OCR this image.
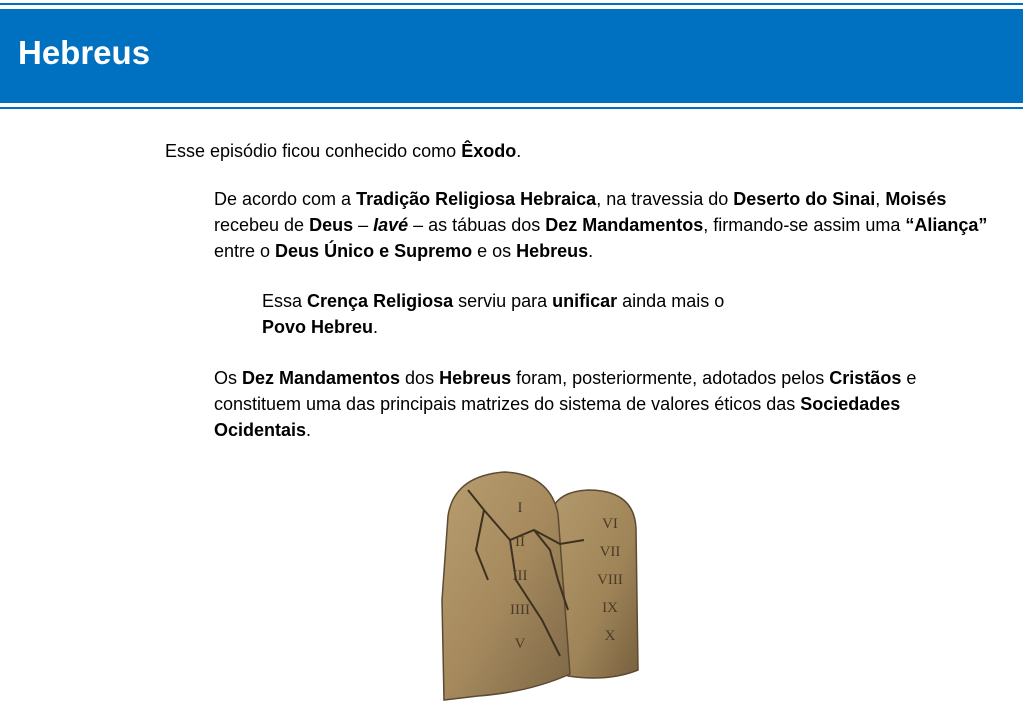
Hebreus
Esse episódio ficou conhecido como Êxodo.
De acordo com a Tradição Religiosa Hebraica, na travessia do Deserto do Sinai, Moisés recebeu de Deus – Iavé – as tábuas dos Dez Mandamentos, firmando-se assim uma “Aliança” entre o Deus Único e Supremo e os Hebreus.
Essa Crença Religiosa serviu para unificar ainda mais o
Povo Hebreu.
Os Dez Mandamentos dos Hebreus foram, posteriormente, adotados pelos Cristãos e constituem uma das principais matrizes do sistema de valores éticos das Sociedades Ocidentais.
I
II
III
IIII
V
VI
VII
VIII
IX
X
